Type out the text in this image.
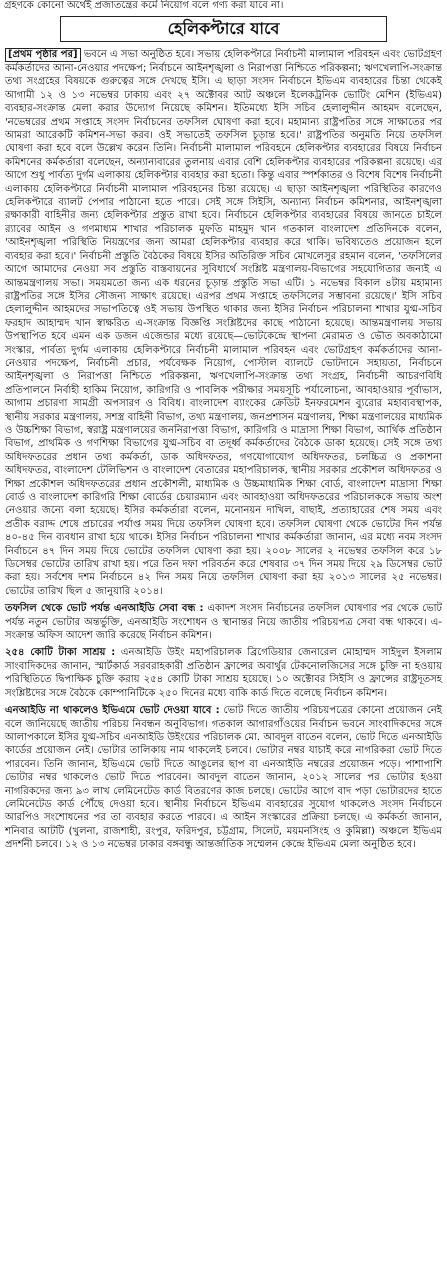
গ্রহণকে কোনো অর্থেই প্রজাতন্ত্রের কর্মে নিয়োগ বলে গণ্য করা যাবে না।
হেলিকপ্টারে যাবে

[প্রথম পৃষ্ঠার পর] ভবনে এ সভা অনুষ্ঠিত হবে। সভায় হেলিকপ্টারে নির্বাচনী মালামাল পরিবহন এবং ভোটগ্রহণ কর্মকর্তাদের আনা-নেওয়ার পদক্ষেপ; নির্বাচনে আইনশৃঙ্খলা ও নিরাপত্তা নিশ্চিতে পরিকল্পনা; ঋণখেলাপি-সংক্রান্ত তথ্য সংগ্রহের বিষয়কে গুরুত্বের সঙ্গে দেখছে ইসি। এ ছাড়া সংসদ নির্বাচনে ইভিএম ব্যবহারের চিন্তা থেকেই আগামী ১২ ও ১৩ নভেম্বর ঢাকায় এবং ২৭ অক্টোবর আট অঞ্চলে ইলেকট্রনিক ভোটিং মেশিন (ইভিএম) ব্যবহার-সংক্রান্ত মেলা করার উদ্যোগ নিয়েছে কমিশন। ইতিমধ্যে ইসি সচিব হেলালুদ্দীন আহমদ বলেছেন, 'নভেম্বরের প্রথম সপ্তাহে সংসদ নির্বাচনের তফসিল ঘোষণা করা হবে। মহামান্য রাষ্ট্রপতির সঙ্গে সাক্ষাতের পর আমরা আরেকটি কমিশন-সভা করব। ওই সভাতেই তফসিল চূড়ান্ত হবে।' রাষ্ট্রপতির অনুমতি নিয়ে তফসিল ঘোষণা করা হবে বলে উল্লেখ করেন তিনি। নির্বাচনী মালামাল পরিবহনে হেলিকপ্টার ব্যবহারের বিষয়ে নির্বাচন কমিশনের কর্মকর্তারা বলেছেন, অন্যান্যবারের তুলনায় এবার বেশি হেলিকপ্টার ব্যবহারের পরিকল্পনা রয়েছে। এর আগে শুধু পার্বত্য দুর্গম এলাকায় হেলিকপ্টার ব্যবহার করা হতো। কিন্তু এবার স্পর্শকাতর ও বিশেষ বিশেষ নির্বাচনী এলাকায় হেলিকপ্টারে নির্বাচনী মালামাল পরিবহনের চিন্তা রয়েছে। এ ছাড়া আইনশৃঙ্খলা পরিস্থিতির কারণেও হেলিকপ্টারে ব্যালট পেপার পাঠানো হতে পারে। সেই সঙ্গে সিইসি, অন্যান্য নির্বাচন কমিশনার, আইনশৃঙ্খলা রক্ষাকারী বাহিনীর জন্য হেলিকপ্টার প্রস্তুত রাখা হবে। নির্বাচনে হেলিকপ্টার ব্যবহারের বিষয়ে জানতে চাইলে র‍্যাবের আইন ও গণমাধ্যম শাখার পরিচালক মুফতি মাহমুদ খান গতকাল বাংলাদেশ প্রতিদিনকে বলেন, 'আইনশৃঙ্খলা পরিস্থিতি নিয়ন্ত্রণের জন্য আমরা হেলিকপ্টার ব্যবহার করে থাকি। ভবিষ্যতেও প্রয়োজন হলে ব্যবহার করা হবে।' নির্বাচনী প্রস্তুতি বৈঠকের বিষয়ে ইসির অতিরিক্ত সচিব মোখলেসুর রহমান বলেন, 'তফসিলের আগে আমাদের নেওয়া সব প্রস্তুতি বাস্তবায়নের সুবিধার্থে সংশ্লিষ্ট মন্ত্রণালয়-বিভাগের সহযোগিতার জন্যই এ আন্তমন্ত্রণালয় সভা। সময়মতো জন্য এক ধরনের চূড়ান্ত প্রস্তুতি সভা এটি। ১ নভেম্বর বিকাল ৪টায় মহামান্য রাষ্ট্রপতির সঙ্গে ইসির সৌজন্য সাক্ষাৎ রয়েছে। এরপর প্রথম সপ্তাহে তফসিলের সম্ভাবনা রয়েছে।' ইসি সচিব হেলালুদ্দীন আহমদের সভাপতিত্বে ওই সভায় উপস্থিত থাকার জন্য ইসির নির্বাচন পরিচালনা শাখার যুগ্ম-সচিব ফরহাদ আহাম্মদ খান স্বাক্ষরিত এ-সংক্রান্ত বিজ্ঞপ্তি সংশ্লিষ্টদের কাছে পাঠানো হয়েছে। আন্তমন্ত্রণালয় সভায় উপস্থাপিত হবে এমন এক ডজন এজেন্ডার মধ্যে রয়েছে—ভোটকেন্দ্রে স্থাপনা মেরামত ও ভৌত অবকাঠামো সংস্কার, পার্বত্য দুর্গম এলাকায় হেলিকপ্টারে নির্বাচনী মালামাল পরিবহন এবং ভোটগ্রহণ কর্মকর্তাদের আনা-নেওয়ার পদক্ষেপ, নির্বাচনী প্রচার, পর্যবেক্ষক নিয়োগ, পোস্টাল ব্যালটে ভোটদানে সহায়তা, নির্বাচনে আইনশৃঙ্খলা ও নিরাপত্তা নিশ্চিতে পরিকল্পনা, ঋণখেলাপি-সংক্রান্ত তথ্য সংগ্রহ, নির্বাচনী আচরণবিধি প্রতিপালনে নির্বাহী হাকিম নিয়োগ, কারিগরি ও পাবলিক পরীক্ষার সময়সূচি পর্যালোচনা, আবহাওয়ার পূর্বাভাস, আগাম প্রচারণা সামগ্রী অপসারণ ও বিবিধ। বাংলাদেশ ব্যাংকের ক্রেডিট ইনফরমেশন ব্যুরোর মহাব্যবস্থাপক, স্থানীয় সরকার মন্ত্রণালয়, সশস্ত্র বাহিনী বিভাগ, তথ্য মন্ত্রণালয়, জনপ্রশাসন মন্ত্রণালয়, শিক্ষা মন্ত্রণালয়ের মাধ্যমিক ও উচ্চশিক্ষা বিভাগ, স্বরাষ্ট্র মন্ত্রণালয়ের জননিরাপত্তা বিভাগ, কারিগরি ও মাদ্রাসা শিক্ষা বিভাগ, আর্থিক প্রতিষ্ঠান বিভাগ, প্রাথমিক ও গণশিক্ষা বিভাগের যুগ্ম-সচিব বা তদূর্ধ্ব কর্মকর্তাদের বৈঠকে ডাকা হয়েছে। সেই সঙ্গে তথ্য অধিদফতরের প্রধান তথ্য কর্মকর্তা, ডাক অধিদফতর, গণযোগাযোগ অধিদফতর, চলচ্চিত্র ও প্রকাশনা অধিদফতর, বাংলাদেশ টেলিভিশন ও বাংলাদেশ বেতারের মহাপরিচালক, স্থানীয় সরকার প্রকৌশল অধিদফতর ও শিক্ষা প্রকৌশল অধিদফতরের প্রধান প্রকৌশলী, মাধ্যমিক ও উচ্চমাধ্যমিক শিক্ষা বোর্ড, বাংলাদেশ মাদ্রাসা শিক্ষা বোর্ড ও বাংলাদেশ কারিগরি শিক্ষা বোর্ডের চেয়ারম্যান এবং আবহাওয়া অধিদফতরের পরিচালককে সভায় অংশ নেওয়ার জন্যে বলা হয়েছে। ইসির কর্মকর্তারা বলেন, মনোনয়ন দাখিল, বাছাই, প্রত্যাহারের শেষ সময় এবং প্রতীক বরাদ্দ শেষে প্রচারের পর্যাপ্ত সময় দিয়ে তফসিল ঘোষণা হবে। তফসিল ঘোষণা থেকে ভোটের দিন পর্যন্ত ৪০-৪৫ দিন ব্যবধান রাখা হয়ে থাকে। ইসির নির্বাচন পরিচালনা শাখার কর্মকর্তারা জানান, এর মধ্যে নবম সংসদ নির্বাচনে ৪৭ দিন সময় দিয়ে ভোটের তফসিল ঘোষণা করা হয়। ২০০৮ সালের ২ নভেম্বর তফসিল করে ১৮ ডিসেম্বর ভোটের তারিখ রাখা হয়। পরে তিন দফা পরিবর্তন করে শেষবার ৩৭ দিন সময় দিয়ে ২৯ ডিসেম্বর ভোট করা হয়। সর্বশেষ দশম নির্বাচনে ৪২ দিন সময় নিয়ে তফসিল ঘোষণা করা হয় ২০১৩ সালের ২৫ নভেম্বর। ভোটের তারিখ ছিল ৫ জানুয়ারি ২০১৪।

তফসিল থেকে ভোট পর্যন্ত এনআইডি সেবা বন্ধ : একাদশ সংসদ নির্বাচনের তফসিল ঘোষণার পর থেকে ভোট পর্যন্ত নতুন ভোটার অন্তর্ভুক্তি, এনআইডি সংশোধন ও স্থানান্তর নিয়ে জাতীয় পরিচয়পত্র সেবা বন্ধ থাকবে। এ-সংক্রান্ত অফিস আদেশ জারি করেছে নির্বাচন কমিশন।

২৫৪ কোটি টাকা সাশ্রয় : এনআইডি উইং মহাপরিচালক ব্রিগেডিয়ার জেনারেল মোহাম্মদ সাইদুল ইসলাম সাংবাদিকদের জানান, স্মার্টকার্ড সরবরাহকারী প্রতিষ্ঠান ফ্রান্সের অবার্থুর টেকনোলজিসের সঙ্গে চুক্তি না হওয়ায় পরিস্থিতিতে দ্বিপাক্ষিক চুক্তি করায় ২৫৪ কোটি টাকা সাশ্রয় হয়েছে। ১০ অক্টোবর সিইসি ও ফ্রান্সের রাষ্ট্রদূতসহ সংশ্লিষ্টদের সঙ্গে বৈঠকে কোম্পানিটিকে ২৫০ দিনের মধ্যে বাকি কার্ড দিতে বলেছে নির্বাচন কমিশন।

এনআইডি না থাকলেও ইভিএমে ভোট দেওয়া যাবে : ভোট দিতে জাতীয় পরিচয়পত্রের কোনো প্রয়োজন নেই বলে জানিয়েছে জাতীয় পরিচয় নিবন্ধন অনুবিভাগ। গতকাল আগারগাঁওয়ের নির্বাচন ভবনে সাংবাদিকদের সঙ্গে আলাপকালে ইসির যুগ্ম-সচিব এনআইডি উইংয়ের পরিচালক মো. আবদুল বাতেন বলেন, ভোট দিতে এনআইডি কার্ডের প্রয়োজন নেই। ভোটার তালিকায় নাম থাকলেই চলবে। ভোটার নম্বর যাচাই করে নাগরিকরা ভোট দিতে পারবেন। তিনি জানান, ইভিএমে ভোট দিতে আঙুলের ছাপ বা এনআইডি নম্বরের প্রয়োজন পড়ে। পাশাপাশি ভোটার নম্বর থাকলেও ভোট দিতে পারবেন। আবদুল বাতেন জানান, ২০১২ সালের পর ভোটার হওয়া নাগরিকদের জন্য ৯৩ লাখ লেমিনেটেড কার্ড বিতরণের কাজ চলছে। ভোটের আগে বাদ পড়া ভোটারদের হাতে লেমিনেটেড কার্ড পৌঁছে দেওয়া হবে। স্থানীয় নির্বাচনে ইভিএম ব্যবহারের সুযোগ থাকলেও সংসদ নির্বাচনে আরপিও সংশোধনের পর তা ব্যবহার করতে পারবে। এ আইন সংস্কারের প্রক্রিয়া চলছে। এ কর্মকর্তা জানান, শনিবার আটটি (খুলনা, রাজশাহী, রংপুর, ফরিদপুর, চট্টগ্রাম, সিলেট, ময়মনসিংহ ও কুমিল্লা) অঞ্চলে ইভিএম প্রদর্শনী চলবে। ১২ ও ১৩ নভেম্বর ঢাকার বঙ্গবন্ধু আন্তর্জাতিক সম্মেলন কেন্দ্রে ইভিএম মেলা অনুষ্ঠিত হবে।
